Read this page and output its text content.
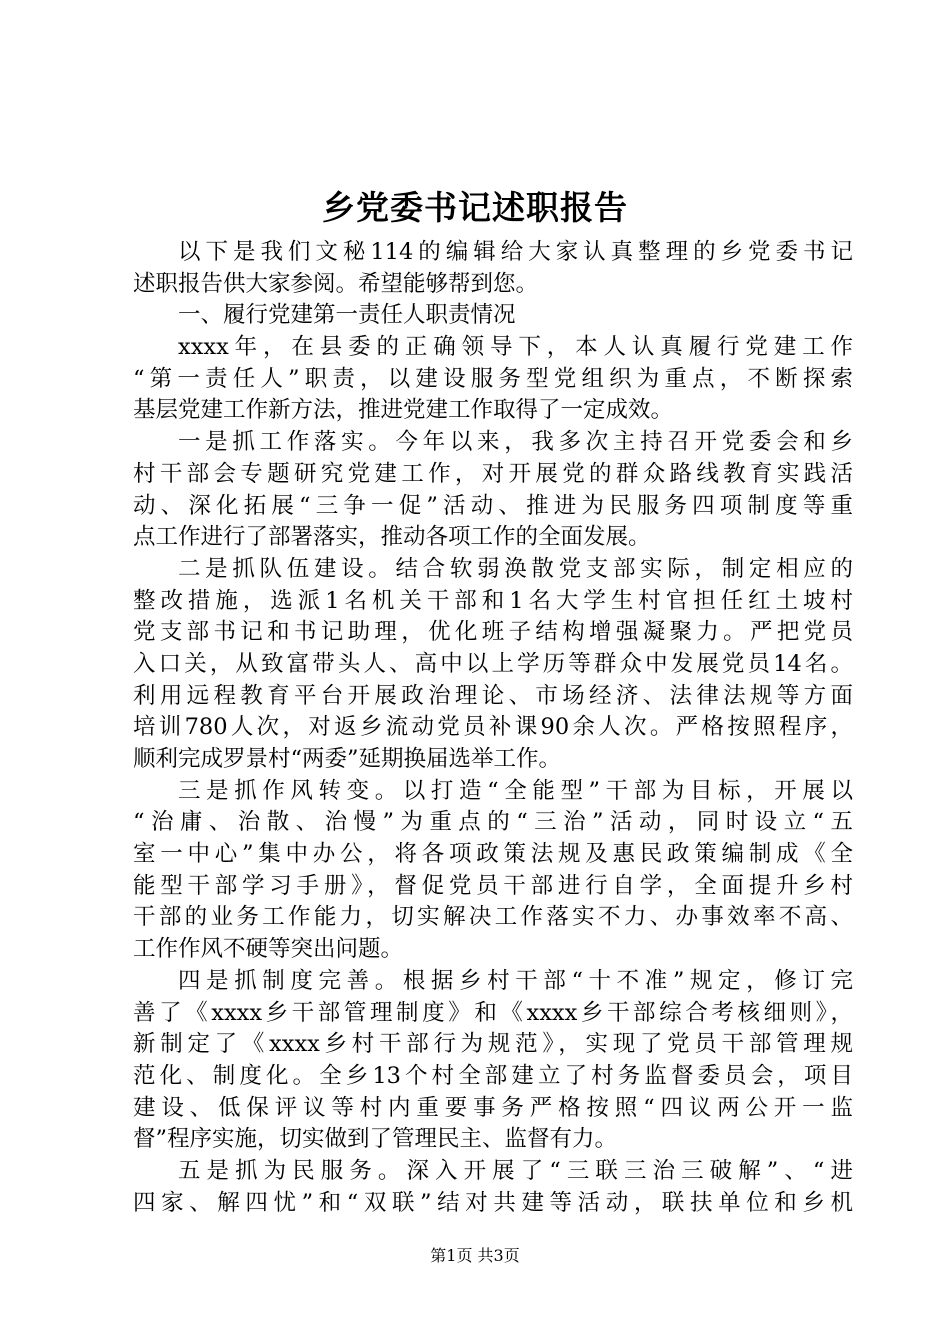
乡党委书记述职报告
以下是我们文秘114的编辑给大家认真整理的乡党委书记
述职报告供大家参阅。希望能够帮到您。
一、履行党建第一责任人职责情况
xxxx年，在县委的正确领导下，本人认真履行党建工作
“第一责任人”职责，以建设服务型党组织为重点，不断探索
基层党建工作新方法，推进党建工作取得了一定成效。
一是抓工作落实。今年以来，我多次主持召开党委会和乡
村干部会专题研究党建工作，对开展党的群众路线教育实践活
动、深化拓展“三争一促”活动、推进为民服务四项制度等重
点工作进行了部署落实，推动各项工作的全面发展。
二是抓队伍建设。结合软弱涣散党支部实际，制定相应的
整改措施，选派1名机关干部和1名大学生村官担任红土坡村
党支部书记和书记助理，优化班子结构增强凝聚力。严把党员
入口关，从致富带头人、高中以上学历等群众中发展党员14名。
利用远程教育平台开展政治理论、市场经济、法律法规等方面
培训780人次，对返乡流动党员补课90余人次。严格按照程序，
顺利完成罗景村“两委”延期换届选举工作。
三是抓作风转变。以打造“全能型”干部为目标，开展以
“治庸、治散、治慢”为重点的“三治”活动，同时设立“五
室一中心”集中办公，将各项政策法规及惠民政策编制成《全
能型干部学习手册》，督促党员干部进行自学，全面提升乡村
干部的业务工作能力，切实解决工作落实不力、办事效率不高、
工作作风不硬等突出问题。
四是抓制度完善。根据乡村干部“十不准”规定，修订完
善了《xxxx乡干部管理制度》和《xxxx乡干部综合考核细则》，
新制定了《xxxx乡村干部行为规范》，实现了党员干部管理规
范化、制度化。全乡13个村全部建立了村务监督委员会，项目
建设、低保评议等村内重要事务严格按照“四议两公开一监
督”程序实施，切实做到了管理民主、监督有力。
五是抓为民服务。深入开展了“三联三治三破解”、“进
四家、解四忧”和“双联”结对共建等活动，联扶单位和乡机
第1页 共3页
